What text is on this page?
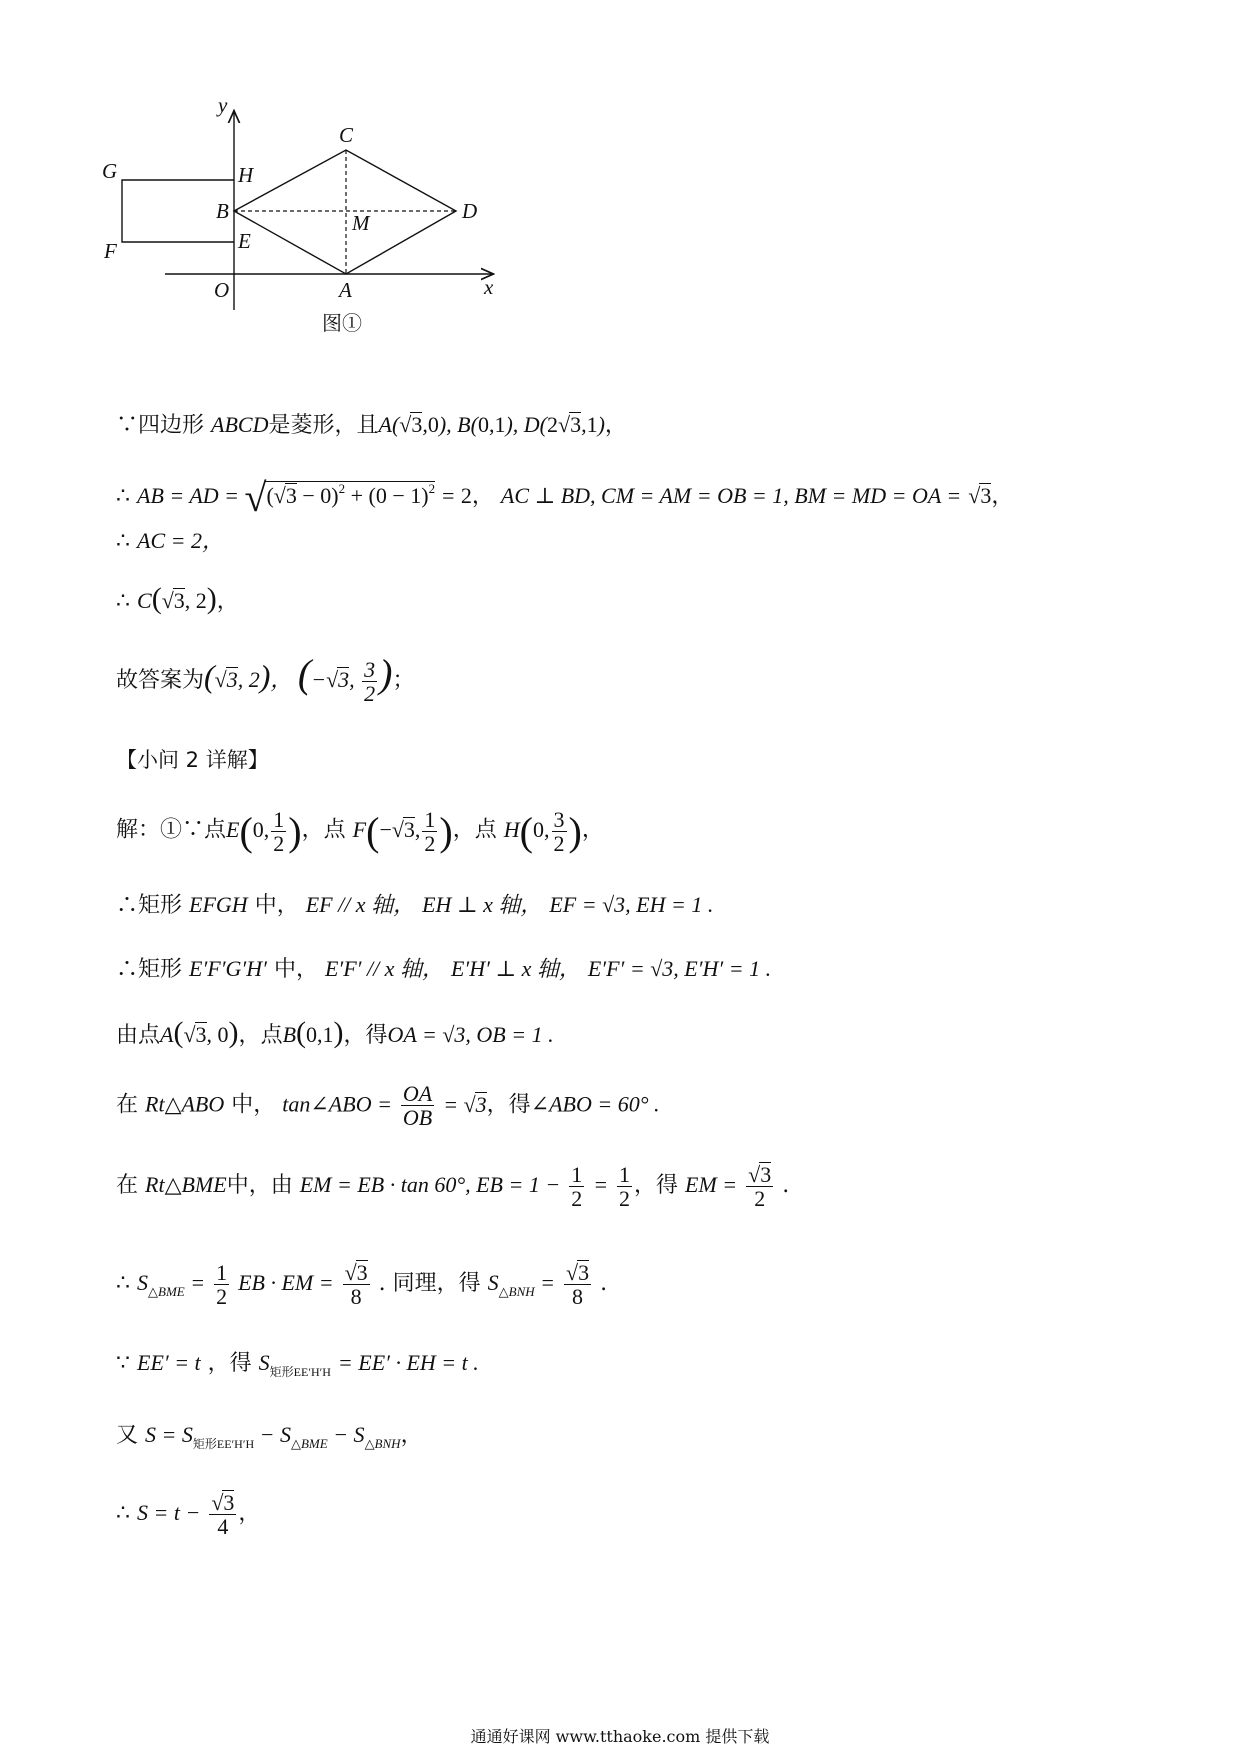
y
x
O	A
B
C
D
E
F
G	H
M
图①
∵四边形 ABCD是菱形，且A(√3,0), B(0,1), D(2√3,1)，
∴ AB = AD = $√(√3 - 0)^2 + (0 - 1)^2 = 2$， AC ⊥ BD, CM = AM = OB = 1, BM = MD = OA = √3，
∴ AC = 2，
∴ C(√3, 2)，
故答案为(√3, 2)， (−√3, $\frac{3}{2}$ )；
【小问 2 详解】
解：①∵点E(0, $\frac{1}{2}$ )，点 F(−√3, $\frac{1}{2}$ )，点 H(0, $\frac{3}{2}$ )，
∴矩形 EFGH 中， EF // x 轴， EH ⊥ x 轴， EF = √3, EH = 1 .
∴矩形 E′F′G′H′ 中， E′F′ // x 轴， E′H′ ⊥ x 轴， E′F′ = √3, E′H′ = 1 .
由点A(√3, 0)，点B(0,1)，得OA = √3, OB = 1 .
在 Rt△ABO 中， tan∠ABO = $\frac{OA}{OB} = √3$，得∠ABO = 60° .
在 Rt△BME中，由 EM = EB · tan 60°, EB = $1 - \frac{1}{2} = \frac{1}{2}$ ，得 EM = $\frac{√3}{2}$ .
∴ $S_{\triangle BME} = \frac{1}{2}$ EB · EM = $\frac{√3}{8}$ . 同理，得 $S_{\triangle BNH} = \frac{√3}{8}$ .
∵ EE′ = t ，得 $S_{矩形EE'H'H} = EE'$ · EH = t .
又 $S = S_{矩形EE'H'H} - S_{\triangle BME} - S_{\triangle BNH}$，
∴ $S = t - \frac{√3}{4}$ ，
通通好课网 www.tthaoke.com 提供下载
